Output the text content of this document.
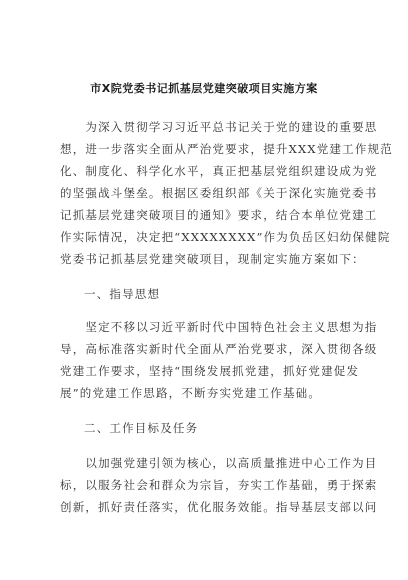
市X院党委书记抓基层党建突破项目实施方案
　　为深入贯彻学习习近平总书记关于党的建设的重要思
想，进一步落实全面从严治党要求，提升XXX党建工作规范
化、制度化、科学化水平，真正把基层党组织建设成为党
的坚强战斗堡垒。根据区委组织部《关于深化实施党委书
记抓基层党建突破项目的通知》要求，结合本单位党建工
作实际情况，决定把“XXXXXXXX”作为负岳区妇幼保健院
党委书记抓基层党建突破项目，现制定实施方案如下：
一、指导思想
　　坚定不移以习近平新时代中国特色社会主义思想为指
导，高标准落实新时代全面从严治党要求，深入贯彻各级
党建工作要求，坚持“围绕发展抓党建，抓好党建促发
展”的党建工作思路，不断夯实党建工作基础。
二、工作目标及任务
　　以加强党建引领为核心，以高质量推进中心工作为目
标，以服务社会和群众为宗旨，夯实工作基础，勇于探索
创新，抓好责任落实，优化服务效能。指导基层支部以问
